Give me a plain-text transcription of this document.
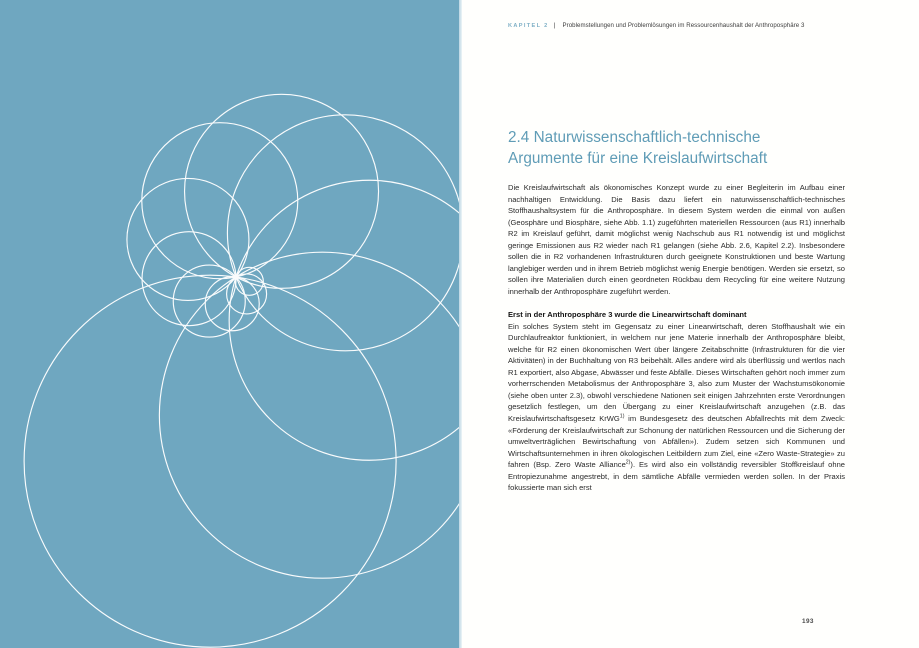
KAPITEL 2 | Problemstellungen und Problemlösungen im Ressourcenhaushalt der Anthroposphäre 3
2.4 Naturwissenschaftlich-technische
Argumente für eine Kreislaufwirtschaft

Die Kreislaufwirtschaft als ökonomisches Konzept wurde zu einer Begleiterin im Aufbau einer nachhaltigen Entwicklung. Die Basis dazu liefert ein naturwissenschaftlich-technisches Stoffhaushaltsystem für die Anthroposphäre. In diesem System werden die einmal von außen (Geosphäre und Biosphäre, siehe Abb. 1.1) zugeführten materiellen Ressourcen (aus R1) innerhalb R2 im Kreislauf geführt, damit möglichst wenig Nachschub aus R1 notwendig ist und möglichst geringe Emissionen aus R2 wieder nach R1 gelangen (siehe Abb. 2.6, Kapitel 2.2). Insbesondere sollen die in R2 vorhandenen Infrastrukturen durch geeignete Konstruktionen und beste Wartung langlebiger werden und in ihrem Betrieb möglichst wenig Energie benötigen. Werden sie ersetzt, so sollen ihre Materialien durch einen geordneten Rückbau dem Recycling für eine weitere Nutzung innerhalb der Anthroposphäre zugeführt werden.

Erst in der Anthroposphäre 3 wurde die Linearwirtschaft dominant

Ein solches System steht im Gegensatz zu einer Linearwirtschaft, deren Stoffhaushalt wie ein Durchlaufreaktor funktioniert, in welchem nur jene Materie innerhalb der Anthroposphäre bleibt, welche für R2 einen ökonomischen Wert über längere Zeitabschnitte (Infrastrukturen für die vier Aktivitäten) in der Buchhaltung von R3 beibehält. Alles andere wird als überflüssig und wertlos nach R1 exportiert, also Abgase, Abwässer und feste Abfälle. Dieses Wirtschaften gehört noch immer zum vorherrschenden Metabolismus der Anthroposphäre 3, also zum Muster der Wachstumsökonomie (siehe oben unter 2.3), obwohl verschiedene Nationen seit einigen Jahrzehnten erste Verordnungen gesetzlich festlegen, um den Übergang zu einer Kreislaufwirtschaft anzugehen (z.B. das Kreislaufwirtschaftsgesetz KrWG$^{1)}$ im Bundesgesetz des deutschen Abfallrechts mit dem Zweck: «Förderung der Kreislaufwirtschaft zur Schonung der natürlichen Ressourcen und die Sicherung der umweltverträglichen Bewirtschaftung von Abfällen»). Zudem setzen sich Kommunen und Wirtschaftsunternehmen in ihren ökologischen Leitbildern zum Ziel, eine «Zero Waste-Strategie» zu fahren (Bsp. Zero Waste Alliance$^{2)}$). Es wird also ein vollständig reversibler Stoffkreislauf ohne Entropiezunahme angestrebt, in dem sämtliche Abfälle vermieden werden sollen. In der Praxis fokussierte man sich erst

193
